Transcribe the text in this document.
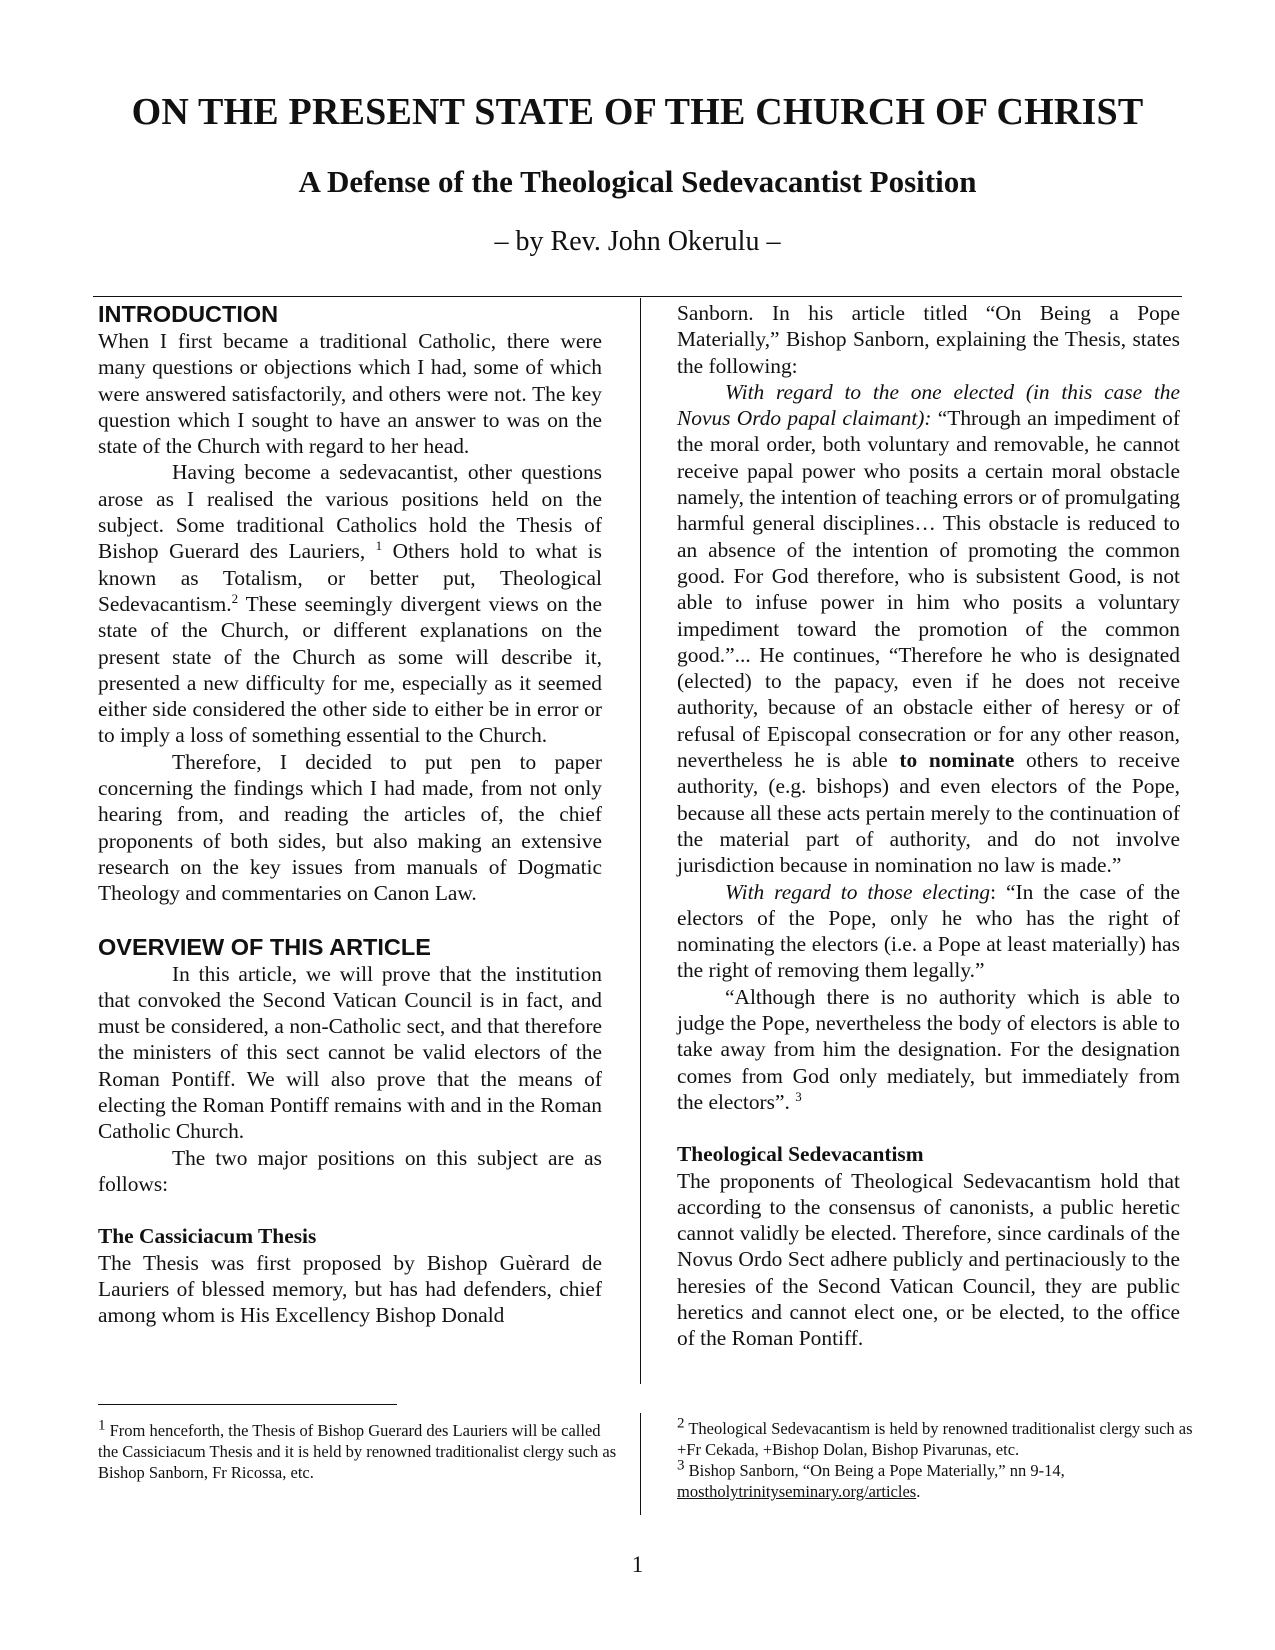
ON THE PRESENT STATE OF THE CHURCH OF CHRIST
A Defense of the Theological Sedevacantist Position
– by Rev. John Okerulu –
INTRODUCTION

When I first became a traditional Catholic, there were many questions or objections which I had, some of which were answered satisfactorily, and others were not. The key question which I sought to have an answer to was on the state of the Church with regard to her head.

Having become a sedevacantist, other questions arose as I realised the various positions held on the subject. Some traditional Catholics hold the Thesis of Bishop Guerard des Lauriers, $^1$ Others hold to what is known as Totalism, or better put, Theological Sedevacantism.$^2$ These seemingly divergent views on the state of the Church, or different explanations on the present state of the Church as some will describe it, presented a new difficulty for me, especially as it seemed either side considered the other side to either be in error or to imply a loss of something essential to the Church.

Therefore, I decided to put pen to paper concerning the findings which I had made, from not only hearing from, and reading the articles of, the chief proponents of both sides, but also making an extensive research on the key issues from manuals of Dogmatic Theology and commentaries on Canon Law.

OVERVIEW OF THIS ARTICLE

In this article, we will prove that the institution that convoked the Second Vatican Council is in fact, and must be considered, a non-Catholic sect, and that therefore the ministers of this sect cannot be valid electors of the Roman Pontiff. We will also prove that the means of electing the Roman Pontiff remains with and in the Roman Catholic Church.

The two major positions on this subject are as follows:

The Cassiciacum Thesis

The Thesis was first proposed by Bishop Guèrard de Lauriers of blessed memory, but has had defenders, chief among whom is His Excellency Bishop Donald

Sanborn. In his article titled “On Being a Pope Materially,” Bishop Sanborn, explaining the Thesis, states the following:

With regard to the one elected (in this case the Novus Ordo papal claimant): “Through an impediment of the moral order, both voluntary and removable, he cannot receive papal power who posits a certain moral obstacle namely, the intention of teaching errors or of promulgating harmful general disciplines… This obstacle is reduced to an absence of the intention of promoting the common good. For God therefore, who is subsistent Good, is not able to infuse power in him who posits a voluntary impediment toward the promotion of the common good.”... He continues, “Therefore he who is designated (elected) to the papacy, even if he does not receive authority, because of an obstacle either of heresy or of refusal of Episcopal consecration or for any other reason, nevertheless he is able to nominate others to receive authority, (e.g. bishops) and even electors of the Pope, because all these acts pertain merely to the continuation of the material part of authority, and do not involve jurisdiction because in nomination no law is made.”

With regard to those electing: “In the case of the electors of the Pope, only he who has the right of nominating the electors (i.e. a Pope at least materially) has the right of removing them legally.”

“Although there is no authority which is able to judge the Pope, nevertheless the body of electors is able to take away from him the designation. For the designation comes from God only mediately, but immediately from the electors”. $^3$

Theological Sedevacantism

The proponents of Theological Sedevacantism hold that according to the consensus of canonists, a public heretic cannot validly be elected. Therefore, since cardinals of the Novus Ordo Sect adhere publicly and pertinaciously to the heresies of the Second Vatican Council, they are public heretics and cannot elect one, or be elected, to the office of the Roman Pontiff.

$^1$ From henceforth, the Thesis of Bishop Guerard des Lauriers will be called the Cassiciacum Thesis and it is held by renowned traditionalist clergy such as Bishop Sanborn, Fr Ricossa, etc.

$^2$ Theological Sedevacantism is held by renowned traditionalist clergy such as +Fr Cekada, +Bishop Dolan, Bishop Pivarunas, etc.

$^3$ Bishop Sanborn, “On Being a Pope Materially,” nn 9-14,
mostholytrinityseminary.org/articles.

1
